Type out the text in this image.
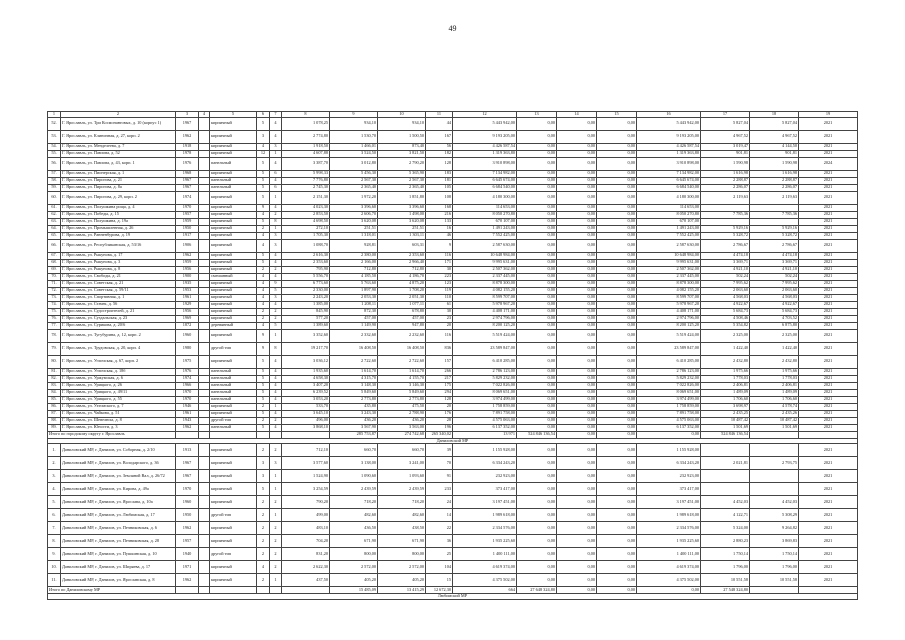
49
1	2	3	4	5	6	7	8	9	10	11	12	13	14	15	16	17	18	19
52.	Г. Ярославль, ул. Три Космонавтовых, д. 10 (корпус 1)	1967		кирпичный	5	4	1 078,25	934,10	934,10	44	5 443 942,00	0,00	0,00	0,00	5 443 942,00	5 827,04	5 827,04	2021
53.	Г. Ярославль, ул. Клиничная, д. 27, корп. 2	1962		кирпичный	3	4	2 774,80	1 530,70	1 500,50	167	9 193 205,00	0,00	0,00	0,00	9 193 205,00	4 967,52	4 967,52	2021
54.	Г. Ярославль, ул. Менделеева, д. 7	1918		кирпичный	4	3	1 918,50	1 466,01	873,40	56	4 426 587,54	0,00	0,00	0,00	4 426 587,54	3 019,47	4 144,50	2021
55.	Г. Ярославль, ул. Павлова, д. 52	1978		кирпичный	12	1	4 607,88	3 524,50	3 821,50	182	1 319 363,80	0,00	0,00	0,00	1 319 363,80	901,81	901,81	2021
56.	Г. Ярославль, ул. Павлова, д. 43, корп. 1	1976		панельный	5	4	3 387,70	3 012,80	2 790,20	128	3 910 898,00	0,00	0,00	0,00	3 910 898,00	1 590,98	1 590,98	2024
57.	Г. Ярославль, ул. Пионерская, д. 1	1968		кирпичный	5	6	5 998,33	5 456,30	5 365,90	183	7 134 982,00	0,00	0,00	0,00	7 134 982,00	1 616,98	1 616,98	2021
58.	Г. Ярославль, ул. Пирогова, д. 21	1967		панельный	5	4	7 776,80	2 567,30	2 567,30	181	6 645 674,00	0,00	0,00	0,00	6 645 674,00	2 288,87	2 288,87	2021
59.	Г. Ярославль, ул. Пирогова, д. 8а	1967		панельный	5	6	2 745,30	2 365,40	2 365,40	105	6 684 540,00	0,00	0,00	0,00	6 684 540,00	2 286,07	2 286,07	2021
60.	Г. Ярославль, ул. Пирогова, д. 29, корп. 2	1974		кирпичный	5	1	2 151,30	1 972,20	1 851,80	108	4 180 300,00	0,00	0,00	0,00	4 180 300,00	2 119,63	2 119,63	2021
61.	Г. Ярославль, ул. Полушкина роща, д. 4	1970		кирпичный	9	4	4 023,30	3 396,60	3 396,60	168	114 653,00	0,00	0,00	0,00	114 653,00			2021
62.	Г. Ярославль, ул. Победы, д. 15	1957		кирпичный	4	2	2 853,50	2 606,70	1 498,00	216	8 050 270,80	0,00	0,00	0,00	8 050 270,80	7 785,36	7 785,36	2021
63.	Г. Ярославль, ул. Полушкина, д. 19а	1959		кирпичный	5	8	4 698,50	3 620,08	3 620,08	133	670 107,00	0,00	0,00	0,00	670 107,00			2021
64.	Г. Ярославль, ул. Промышленная, д. 26	1950		кирпичный	2	1	272,10	251,51	251,51	16	1 491 243,00	0,00	0,00	0,00	1 491 243,00	5 929,16	5 929,16	2021
65.	Г. Ярославль, ул. Ранненбурова, д. 19	1917		кирпичный	4	3	1 705,30	1 318,01	1 303,11	46	7 552 425,00	0,00	0,00	0,00	7 552 425,00	5 328,72	5 328,72	2021
66.	Г. Ярославль, ул. Республиканская, д. 53/16	1906		кирпичный	4	3	1 088,70	928,81	603,31	9	2 587 630,00	0,00	0,00	0,00	2 587 630,00	2 786,67	2 786,67	2021
67.	Г. Ярославль, ул. Рыкунова, д. 17	1962		кирпичный	5	4	2 616,30	2 380,00	2 353,60	116	10 648 984,00	0,00	0,00	0,00	10 648 984,00	4 474,18	4 474,18	2021
68.	Г. Ярославль, ул. Рыкунова, д. 3	1959		кирпичный	5	4	2 353,60	2 166,00	2 966,40	171	9 995 631,00	0,00	0,00	0,00	9 995 631,00	3 369,71	3 369,71	2021
69.	Г. Ярославль, ул. Рыкунова, д. 8	1956		кирпичный	2	2	795,90	712,80	712,80	30	2 507 362,00	0,00	0,00	0,00	2 507 362,00	4 921,10	4 921,10	2021
70.	Г. Ярославль, ул. Свободы, д. 21	1900		смешанный	4	4	5 556,70	4 185,50	4 186,70	223	2 337 445,00	0,00	0,00	0,00	2 337 445,00	502,24	502,24	2021
71.	Г. Ярославль, ул. Советская, д. 21	1935		кирпичный	4	9	6 773,60	5 763,60	4 875,20	123	8 878 300,00	0,00	0,00	0,00	8 878 300,00	7 995,62	7 995,62	2021
72.	Г. Ярославль, ул. Советская, д. 59/11	1953		кирпичный	4	5	2 330,00	1 897,90	1 708,20	119	4 082 155,20	0,00	0,00	0,00	4 082 155,20	2 063,60	2 063,60	2021
73.	Г. Ярославль, ул. Спортивная, д. 1	1961		кирпичный	4	3	2 243,20	2 053,30	2 051,30	110	8 599 707,00	0,00	0,00	0,00	8 599 707,00	4 568,03	4 568,03	2021
74.	Г. Ярославль, ул. Стачек, д. 56	1929		кирпичный	4	4	1 385,00	1 208,11	1 077,11	61	5 978 967,20	0,00	0,00	0,00	5 978 967,20	4 922,67	4 922,67	2021
75.	Г. Ярославль, ул. Судостроителей, д. 21	1956		кирпичный	2	2	845,90	872,30	678,80	30	4 408 171,00	0,00	0,00	0,00	4 408 171,00	5 684,73	5 684,73	2021
76.	Г. Ярославль, ул. Суздальская, д. 23	1969		кирпичный	2	2	577,20	457,00	457,00	23	2 974 796,00	0,00	0,00	0,00	2 974 796,00	4 508,46	4 703,52	2021
77.	Г. Ярославль, ул. Сурикова, д. 20/6	1872		деревянный	4	5	1 389,60	1 149,90	947,80	20	8 200 125,20	0,00	0,00	0,00	8 200 125,20	5 354,82	6 875,80	2021
78.	Г. Ярославль, ул. Тугубурина, д. 12, корп. 2	1960		кирпичный	9	1	3 352,60	2 332,60	2 232,60	116	5 519 424,00	0,00	0,00	0,00	5 519 424,00	2 325,00	2 325,00	2021
79.	Г. Ярославль, ул. Трудовская, д. 20, корп. 4	1980		другой тип	9	8	19 217,70	16 408,50	16 408,50	836	23 589 847,00	0,00	0,00	0,00	23 589 847,00	1 422,40	1 422,40	2021
80.	Г. Ярославль, ул. Угличская, д. 67, корп. 2	1975		кирпичный	5	4	3 036,12	2 722,60	2 722,60	157	6 410 285,00	0,00	0,00	0,00	6 410 285,00	2 432,80	2 432,80	2021
81.	Г. Ярославль, ул. Угличская, д. 18б	1976		панельный	5	4	1 935,60	1 614,70	1 614,70	266	2 786 123,00	0,00	0,00	0,00	2 786 123,00	1 975,66	1 975,66	2021
82.	Г. Ярославль, ул. Уржумская, д. 6	1974		панельный	5	4	4 658,30	4 315,70	4 155,70	217	5 829 232,00	0,00	0,00	0,00	5 829 232,00	1 778,03	1 778,03	2021
83.	Г. Ярославль, ул. Урицкого, д. 26	1966		панельный	5	4	3 407,20	3 148,30	3 146,30	175	7 022 826,00	0,00	0,00	0,00	7 022 826,00	2 406,81	2 406,81	2021
84.	Г. Ярославль, ул. Урицкого, д. 49/11	1970		панельный	5	4	6 239,52	5 849,60	5 849,60	294	8 069 651,00	0,00	0,00	0,00	8 069 651,00	1 489,09	1 489,09	2021
85.	Г. Ярославль, ул. Урицкого, д. 55	1970		панельный	5	4	3 053,20	2 773,80	2 773,80	128	3 974 499,00	0,00	0,00	0,00	3 974 499,00	1 706,60	1 706,60	2021
86.	Г. Ярославль, ул. Ухтомского, д. 7	1946		кирпичный	2	1	533,70	435,80	475,50	20	1 758 859,00	0,00	0,00	0,00	1 758 859,00	3 698,97	4 578,74	2021
87.	Г. Ярославль, ул. Чайкова, д. 51	1961		кирпичный	5	4	3 645,10	3 243,30	2 788,90	176	7 891 758,00	0,00	0,00	0,00	7 891 758,00	2 435,25	2 435,26	2021
88.	Г. Ярославль, ул. Шевелюха, д. 8	1943		другой тип	2	2	496,00	436,20	436,20	28	4 575 063,00	0,00	0,00	0,00	4 575 063,00	10 487,42	10 487,42	2021
89.	Г. Ярославль, ул. Юности, д. 3	1962		панельный	5	4	3 868,10	3 567,90	3 563,00	196	6 137 352,00	0,00	0,00	0,00	6 137 352,00	1 501,69	1 501,69	2021
Итого по городскому округу г. Ярославль								285 753,87	274 742,68	265 340,02	13 971	524 846 136,54	0,00	0,00	0,00	524 846 136,54		
Даниловский МР																		
1.	Даниловский МР, г. Данилов, ул. Соборная, д. 2/10	1913		кирпичный	2	2	712,10	660,70	660,70	39	1 155 928,00	0,00	0,00	0,00	1 155 928,00			2021
2.	Даниловский МР, г. Данилов, ул. Володарского, д. 36	1967		кирпичный	3	3	3 577,60	3 138,00	3 241,00	70	6 334 243,20	0,00	0,00	0,00	6 334 243,20	2 021,81	2 793,75	2021
3.	Даниловский МР, г. Данилов, ул. Земляной Вал, д. 26/72	1967		кирпичный	3	1	1 524,90	1 090,60	1 093,60	91	232 923,00	0,00	0,00	0,00	232 923,00			2021
4.	Даниловский МР, г. Данилов, ул. Кирова, д. 49а	1970		кирпичный	5	1	3 254,59	2 439,59	2 439,59	233	373 417,00	0,00	0,00	0,00	373 417,00			2021
5.	Даниловский МР, г. Данилов, ул. Ярослава, д. 10а	1960		кирпичный	2	2	790,20	718,20	718,20	24	3 197 451,00	0,00	0,00	0,00	3 197 451,00	4 452,03	4 452,03	2021
6.	Даниловский МР, г. Данилов, ул. Любимская, д. 17	1950		другой тип	2	1	499,00	482,60	482,60	14	1 989 618,00	0,00	0,00	0,00	1 989 618,00	4 122,71	5 308,29	2021
7.	Даниловский МР, г. Данилов, ул. Печниковская, д. 6	1962		кирпичный	2	2	483,10	436,50	438,50	22	2 334 576,00	0,00	0,00	0,00	2 334 576,00	5 324,00	9 264,82	2021
8.	Даниловский МР, г. Данилов, ул. Печниковская, д. 28	1957		кирпичный	2	2	704,20	671,90	671,90	36	1 935 225,60	0,00	0,00	0,00	1 935 225,60	2 880,23	3 869,83	2021
9.	Даниловский МР, г. Данилов, ул. Пушкинская, д. 10	1940		другой тип	2	2	831,20	800,00	800,00	25	1 400 111,00	0,00	0,00	0,00	1 400 111,00	1 750,14	1 750,14	2021
10.	Даниловский МР, г. Данилов, ул. Ширяева, д. 17	1971		кирпичный	4	2	2 622,30	2 572,00	2 572,00	104	4 619 374,00	0,00	0,00	0,00	4 619 374,00	1 796,00	1 796,00	2021
11.	Даниловский МР, г. Данилов, ул. Ярославская, д. 8	1962		кирпичный	2	1	437,50	405,20	405,20	15	4 375 502,00	0,00	0,00	0,00	4 375 502,00	10 551,58	10 551,58	2021
Итого по Даниловскому МР								15 485,09	13 415,29	12 672,30	664	27 648 324,80	0,00	0,00	0,00	27 548 324,80		
Любимский МР																		
